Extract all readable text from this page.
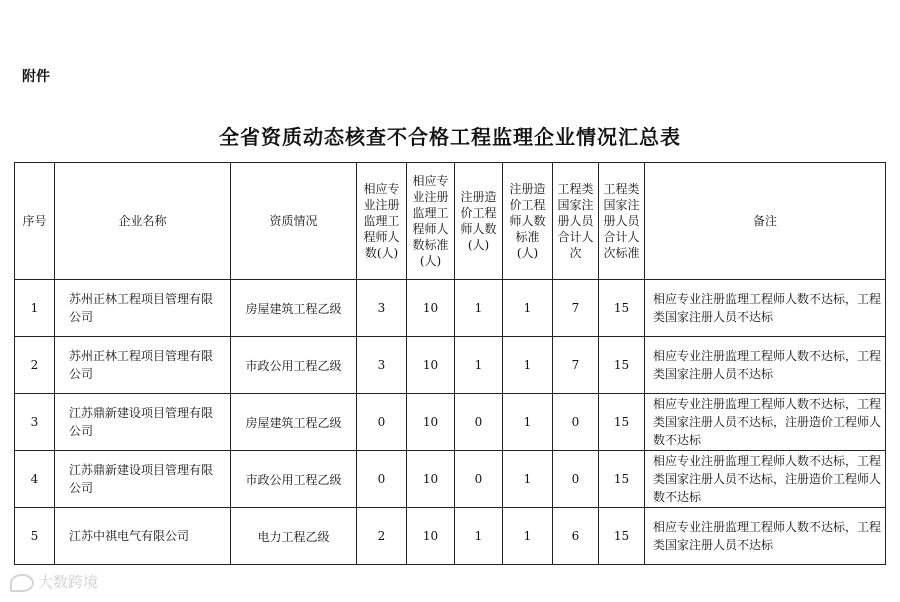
附件
全省资质动态核查不合格工程监理企业情况汇总表
序号	企业名称	资质情况	相应专业注册监理工程师人数(人)	相应专业注册监理工程师人数标准(人)	注册造价工程师人数(人)	注册造价工程师人数标准(人)	工程类国家注册人员合计人次	工程类国家注册人员合计人次标准	备注
1	苏州正林工程项目管理有限公司	房屋建筑工程乙级	3	10	1	1	7	15	相应专业注册监理工程师人数不达标，工程类国家注册人员不达标

2	苏州正林工程项目管理有限公司	市政公用工程乙级	3	10	1	1	7	15	相应专业注册监理工程师人数不达标，工程类国家注册人员不达标

3	江苏鼎新建设项目管理有限公司	房屋建筑工程乙级	0	10	0	1	0	15	相应专业注册监理工程师人数不达标，工程类国家注册人员不达标，注册造价工程师人数不达标

4	江苏鼎新建设项目管理有限公司	市政公用工程乙级	0	10	0	1	0	15	相应专业注册监理工程师人数不达标，工程类国家注册人员不达标，注册造价工程师人数不达标

5	江苏中祺电气有限公司	电力工程乙级	2	10	1	1	6	15	相应专业注册监理工程师人数不达标，工程类国家注册人员不达标
大数跨境
